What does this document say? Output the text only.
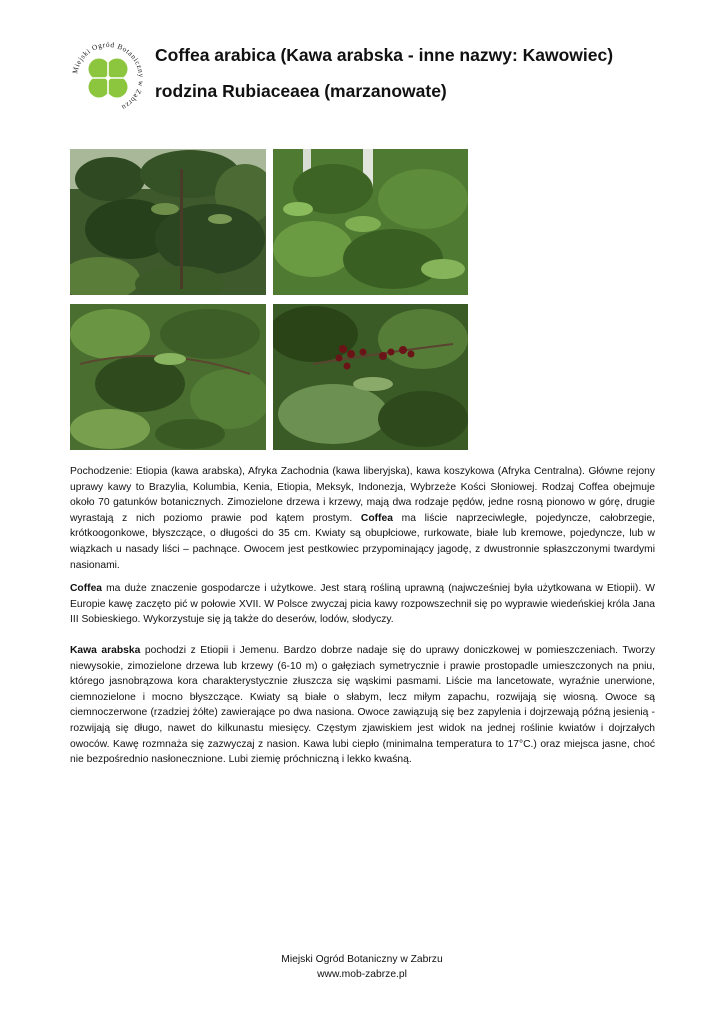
Miejski Ogród Botaniczny w Zabrzu
Coffea arabica (Kawa arabska - inne nazwy: Kawowiec)
rodzina Rubiaceaea (marzanowate)
Pochodzenie: Etiopia (kawa arabska), Afryka Zachodnia (kawa liberyjska), kawa koszykowa (Afryka Centralna). Główne rejony uprawy kawy to Brazylia, Kolumbia, Kenia, Etiopia, Meksyk, Indonezja, Wybrzeże Kości Słoniowej. Rodzaj Coffea obejmuje około 70 gatunków botanicznych. Zimozielone drzewa i krzewy, mają dwa rodzaje pędów, jedne rosną pionowo w górę, drugie wyrastają z nich poziomo prawie pod kątem prostym. Coffea ma liście naprzeciwległe, pojedyncze, całobrzegie, krótkoogonkowe, błyszczące, o długości do 35 cm. Kwiaty są obupłciowe, rurkowate, białe lub kremowe, pojedyncze, lub w wiązkach u nasady liści – pachnące. Owocem jest pestkowiec przypominający jagodę, z dwustronnie spłaszczonymi twardymi nasionami.
Coffea ma duże znaczenie gospodarcze i użytkowe. Jest starą rośliną uprawną (najwcześniej była użytkowana w Etiopii). W Europie kawę zaczęto pić w połowie XVII. W Polsce zwyczaj picia kawy rozpowszechnił się po wyprawie wiedeńskiej króla Jana III Sobieskiego. Wykorzystuje się ją także do deserów, lodów, słodyczy.
Kawa arabska pochodzi z Etiopii i Jemenu. Bardzo dobrze nadaje się do uprawy doniczkowej w pomieszczeniach. Tworzy niewysokie, zimozielone drzewa lub krzewy (6-10 m) o gałęziach symetrycznie i prawie prostopadle umieszczonych na pniu, którego jasnobrązowa kora charakterystycznie złuszcza się wąskimi pasmami. Liście ma lancetowate, wyraźnie unerwione, ciemnozielone i mocno błyszczące. Kwiaty są białe o słabym, lecz miłym zapachu, rozwijają się wiosną. Owoce są ciemnoczerwone (rzadziej żółte) zawierające po dwa nasiona. Owoce zawiązują się bez zapylenia i dojrzewają późną jesienią - rozwijają się długo, nawet do kilkunastu miesięcy. Częstym zjawiskiem jest widok na jednej roślinie kwiatów i dojrzałych owoców. Kawę rozmnaża się zazwyczaj z nasion. Kawa lubi ciepło (minimalna temperatura to 17°C.) oraz miejsca jasne, choć nie bezpośrednio nasłonecznione. Lubi ziemię próchniczną i lekko kwaśną.
Miejski Ogród Botaniczny w Zabrzu
www.mob-zabrze.pl
